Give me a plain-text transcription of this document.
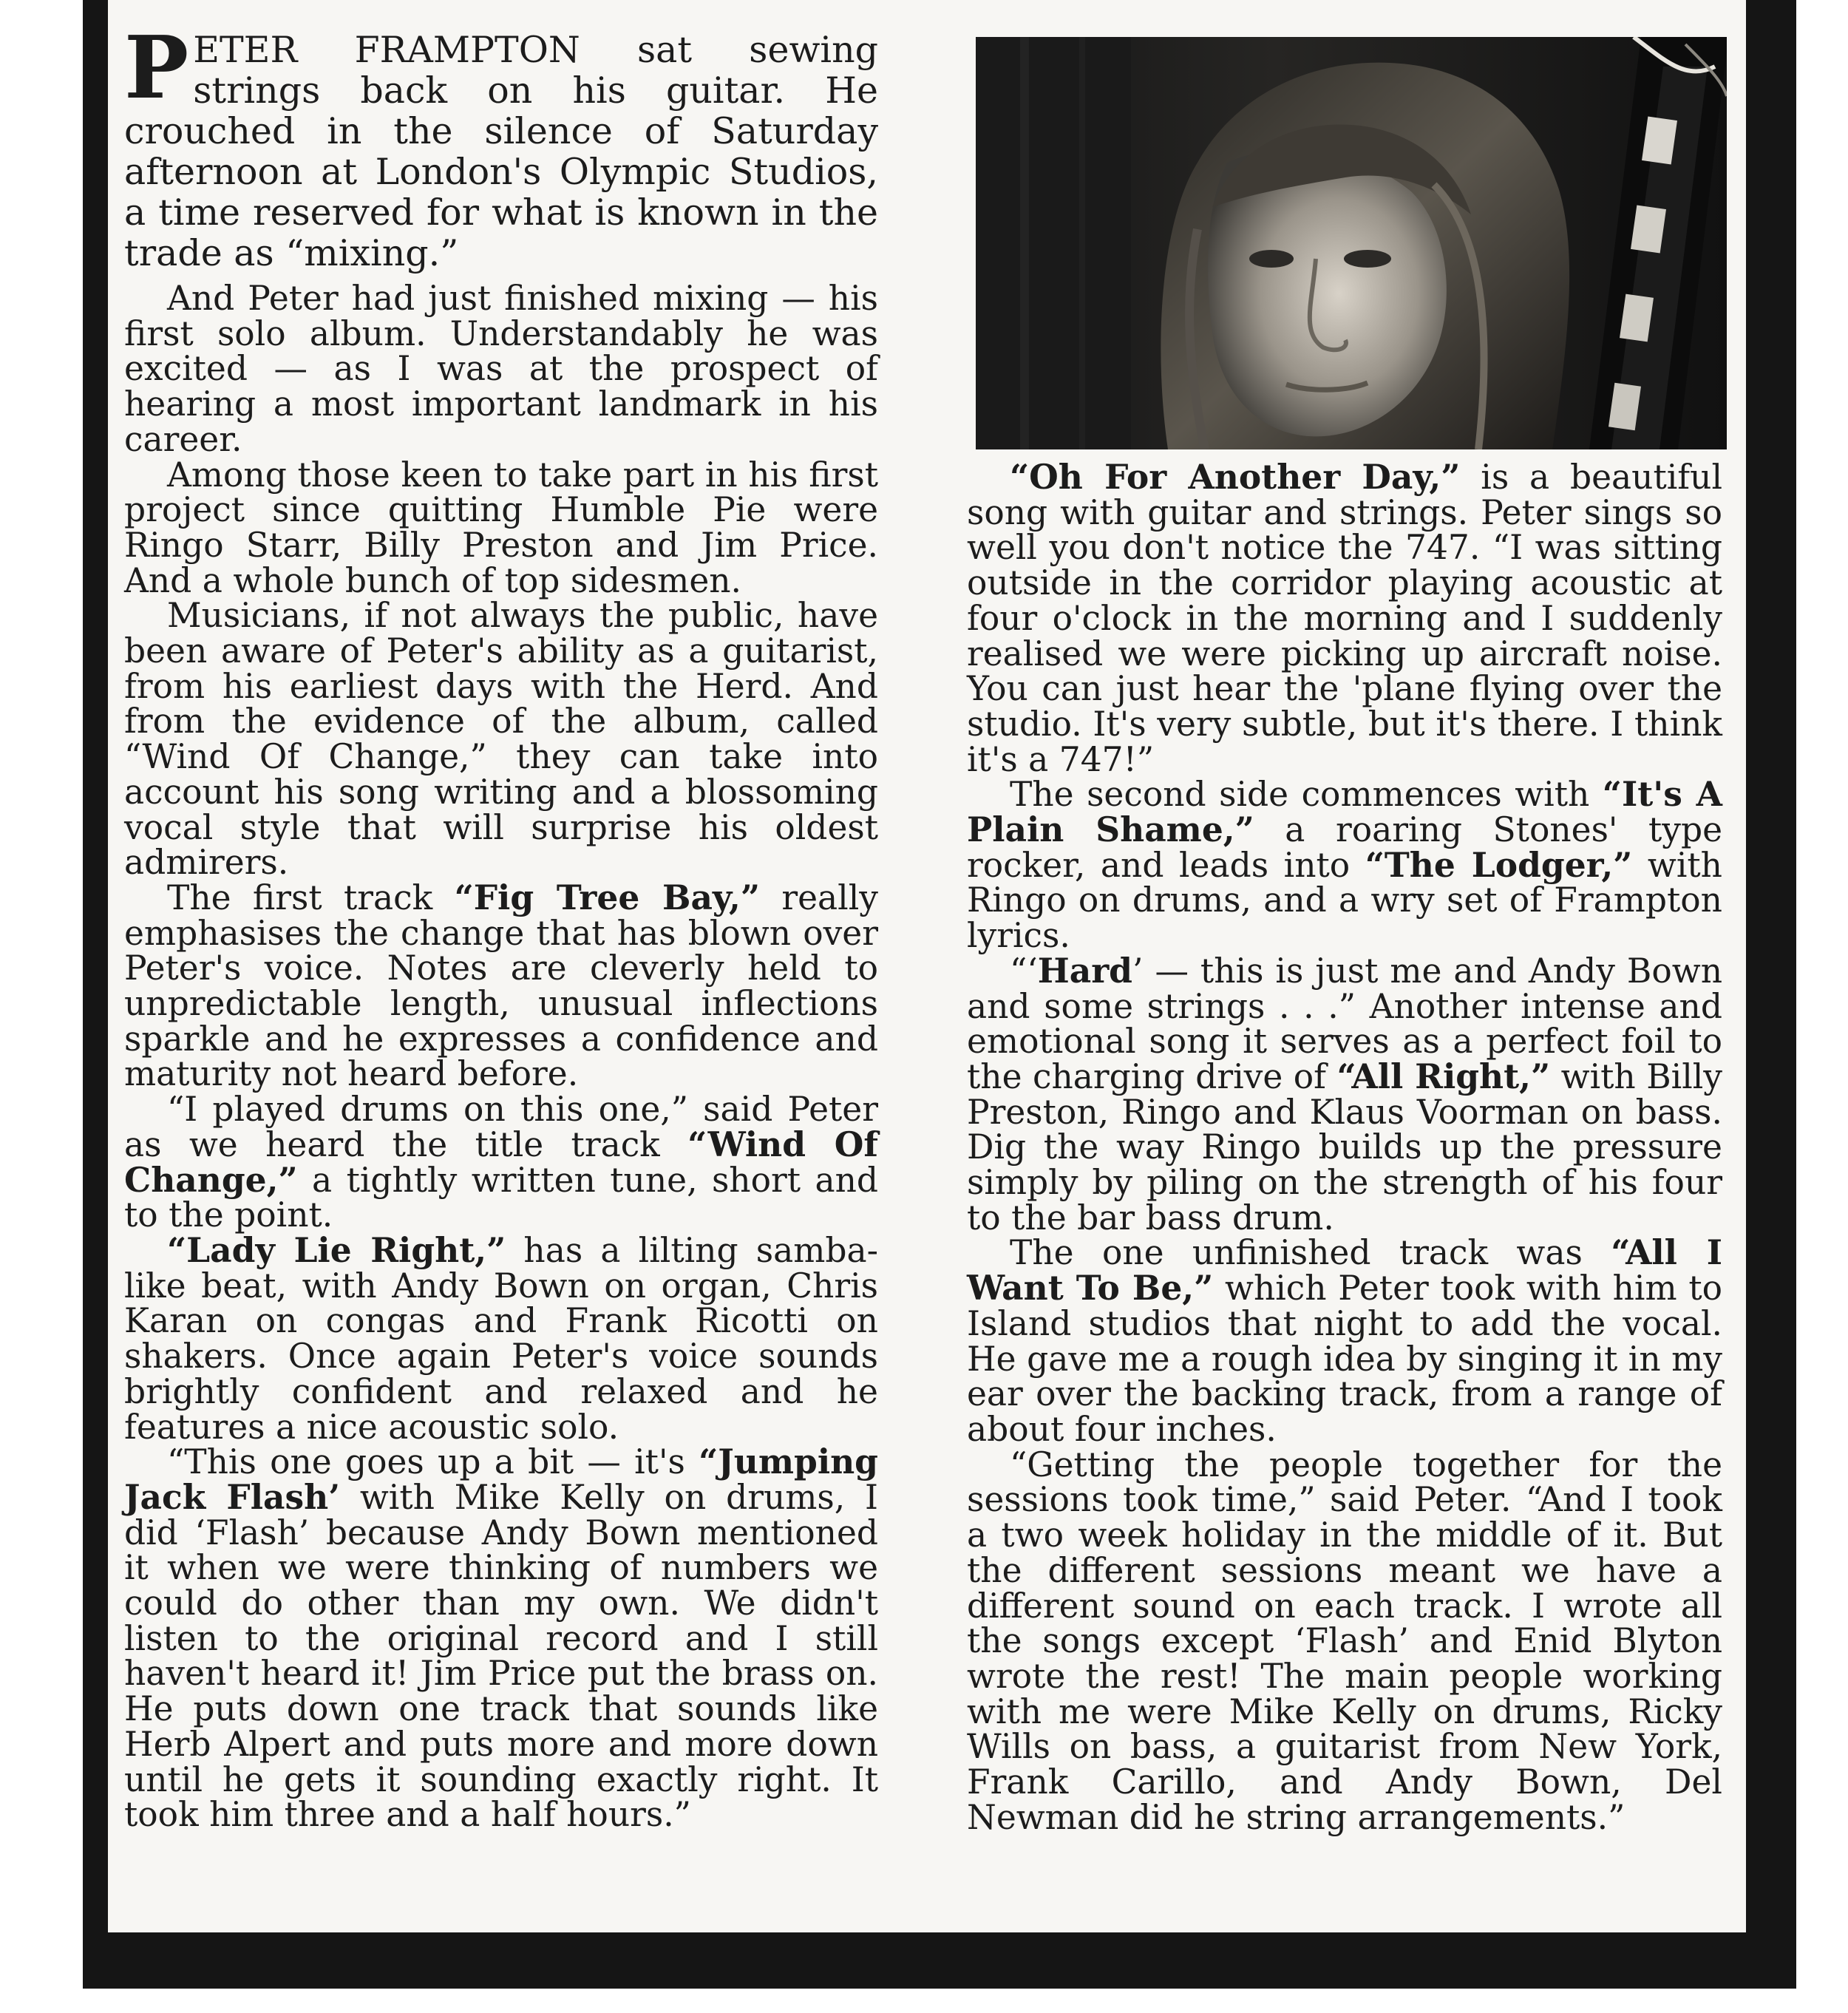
PETER FRAMPTON sat sewing strings back on his guitar. He crouched in the silence of Saturday afternoon at London's Olympic Studios, a time reserved for what is known in the trade as “mixing.”

And Peter had just finished mixing — his first solo album. Understandably he was excited — as I was at the prospect of hearing a most important landmark in his career.

Among those keen to take part in his first project since quitting Humble Pie were Ringo Starr, Billy Preston and Jim Price. And a whole bunch of top sidesmen.

Musicians, if not always the public, have been aware of Peter's ability as a guitarist, from his earliest days with the Herd. And from the evidence of the album, called “Wind Of Change,” they can take into account his song writing and a blossoming vocal style that will surprise his oldest admirers.

The first track “Fig Tree Bay,” really emphasises the change that has blown over Peter's voice. Notes are cleverly held to unpredictable length, unusual inflections sparkle and he expresses a confidence and maturity not heard before.

“I played drums on this one,” said Peter as we heard the title track “Wind Of Change,” a tightly written tune, short and to the point.

“Lady Lie Right,” has a lilting samba-like beat, with Andy Bown on organ, Chris Karan on congas and Frank Ricotti on shakers. Once again Peter's voice sounds brightly confident and relaxed and he features a nice acoustic solo.

“This one goes up a bit — it's “Jumping Jack Flash’ with Mike Kelly on drums, I did ‘Flash’ because Andy Bown mentioned it when we were thinking of numbers we could do other than my own. We didn't listen to the original record and I still haven't heard it! Jim Price put the brass on. He puts down one track that sounds like Herb Alpert and puts more and more down until he gets it sounding exactly right. It took him three and a half hours.”

“Oh For Another Day,” is a beautiful song with guitar and strings. Peter sings so well you don't notice the 747. “I was sitting outside in the corridor playing acoustic at four o'clock in the morning and I suddenly realised we were picking up aircraft noise. You can just hear the 'plane flying over the studio. It's very subtle, but it's there. I think it's a 747!”

The second side commences with “It's A Plain Shame,” a roaring Stones' type rocker, and leads into “The Lodger,” with Ringo on drums, and a wry set of Frampton lyrics.

“‘Hard’ — this is just me and Andy Bown and some strings . . .” Another intense and emotional song it serves as a perfect foil to the charging drive of “All Right,” with Billy Preston, Ringo and Klaus Voorman on bass. Dig the way Ringo builds up the pressure simply by piling on the strength of his four to the bar bass drum.

The one unfinished track was “All I Want To Be,” which Peter took with him to Island studios that night to add the vocal. He gave me a rough idea by singing it in my ear over the backing track, from a range of about four inches.

“Getting the people together for the sessions took time,” said Peter. “And I took a two week holiday in the middle of it. But the different sessions meant we have a different sound on each track. I wrote all the songs except ‘Flash’ and Enid Blyton wrote the rest! The main people working with me were Mike Kelly on drums, Ricky Wills on bass, a guitarist from New York, Frank Carillo, and Andy Bown, Del Newman did he string arrangements.”
